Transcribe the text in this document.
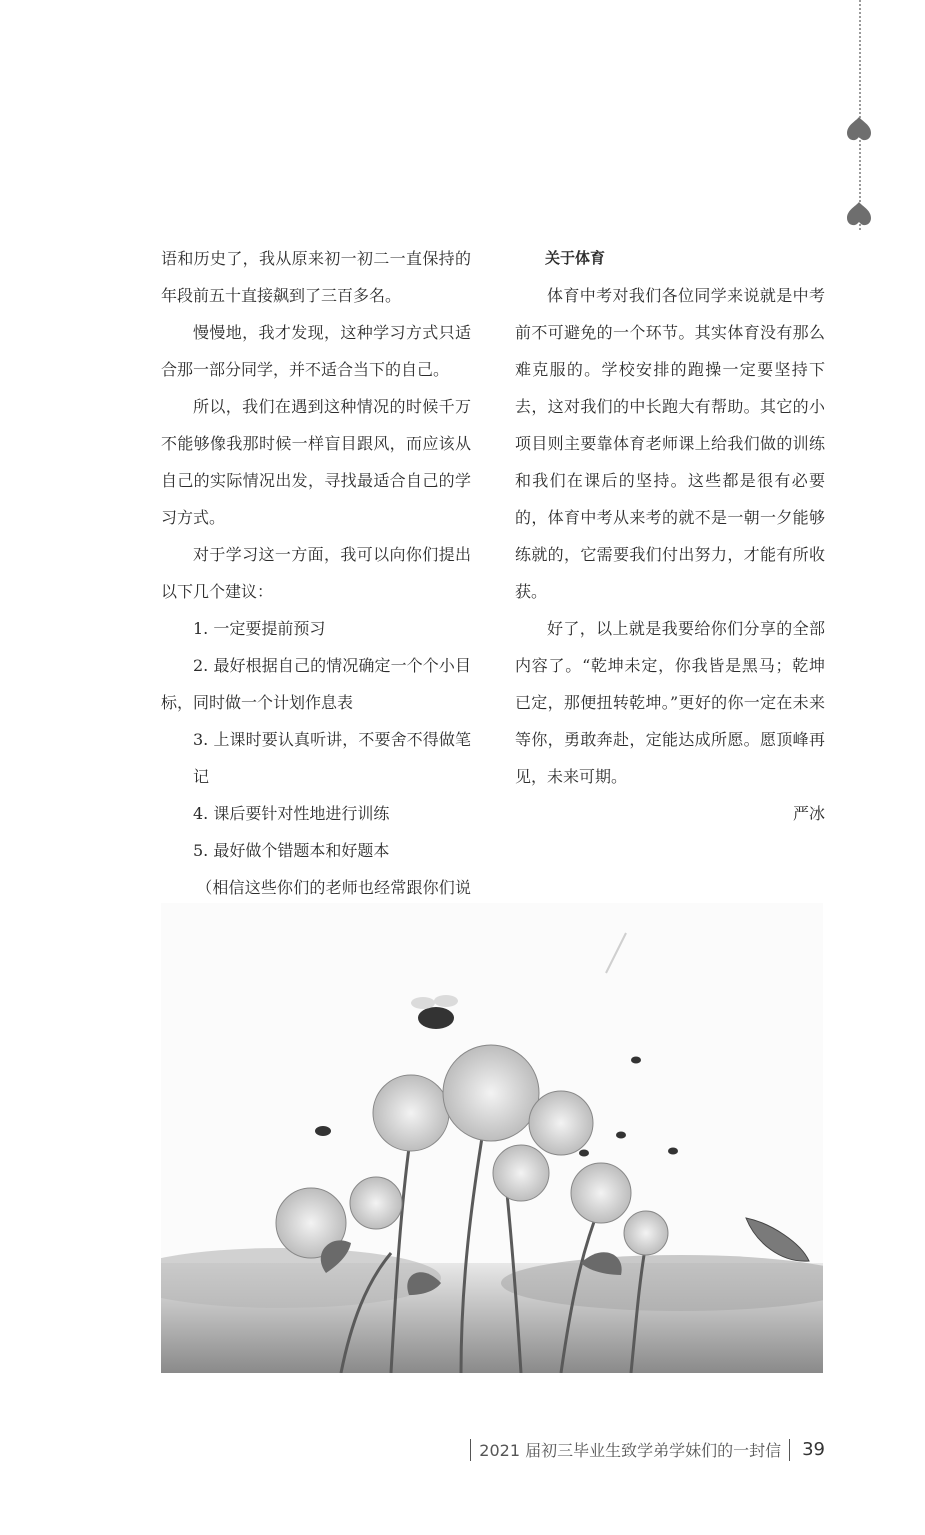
语和历史了，我从原来初一初二一直保持的年段前五十直接飙到了三百多名。

慢慢地，我才发现，这种学习方式只适合那一部分同学，并不适合当下的自己。

所以，我们在遇到这种情况的时候千万不能够像我那时候一样盲目跟风，而应该从自己的实际情况出发，寻找最适合自己的学习方式。

对于学习这一方面，我可以向你们提出以下几个建议：

1. 一定要提前预习

2. 最好根据自己的情况确定一个个小目标，同时做一个计划作息表

3. 上课时要认真听讲，不要舍不得做笔记

4. 课后要针对性地进行训练

5. 最好做个错题本和好题本

（相信这些你们的老师也经常跟你们说

关于体育

体育中考对我们各位同学来说就是中考前不可避免的一个环节。其实体育没有那么难克服的。学校安排的跑操一定要坚持下去，这对我们的中长跑大有帮助。其它的小项目则主要靠体育老师课上给我们做的训练和我们在课后的坚持。这些都是很有必要的，体育中考从来考的就不是一朝一夕能够练就的，它需要我们付出努力，才能有所收获。

好了，以上就是我要给你们分享的全部内容了。“乾坤未定，你我皆是黑马；乾坤已定，那便扭转乾坤。”更好的你一定在未来等你，勇敢奔赴，定能达成所愿。愿顶峰再见，未来可期。

严冰

2021 届初三毕业生致学弟学妹们的一封信 39
